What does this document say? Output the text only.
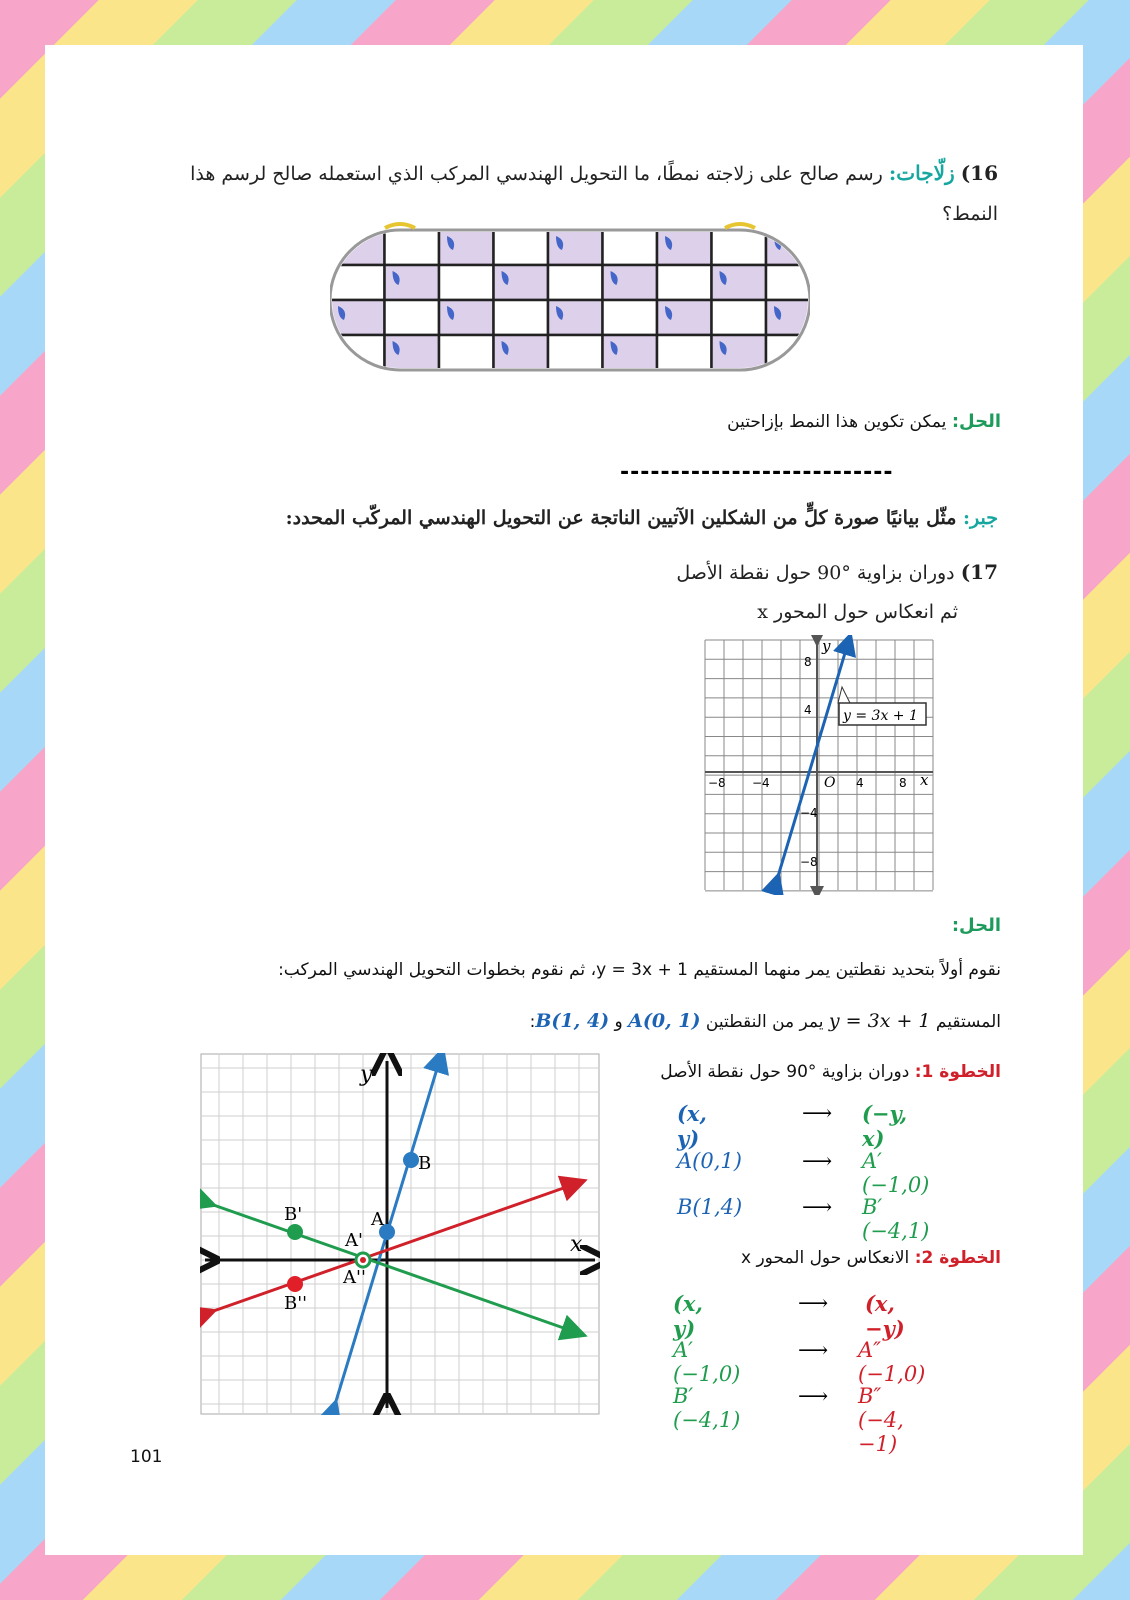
16) زلّاجات: رسم صالح على زلاجته نمطًا، ما التحويل الهندسي المركب الذي استعمله صالح لرسم هذا النمط؟
الحل: يمكن تكوين هذا النمط بإزاحتين
---------------------------
جبر: مثّل بيانيًا صورة كلٍّ من الشكلين الآتيين الناتجة عن التحويل الهندسي المركّب المحدد:
17) دوران بزاوية °90 حول نقطة الأصل
ثم انعكاس حول المحور x
y
x
O
−8 −4	4	8
8
4
−4
−8
y = 3x + 1
الحل:
نقوم أولاً بتحديد نقطتين يمر منهما المستقيم y = 3x + 1، ثم نقوم بخطوات التحويل الهندسي المركب:
المستقيم y = 3x + 1 يمر من النقطتين A(0, 1) و B(1, 4):
y
x
B
A
B'
A'
A''
B''
الخطوة 1: دوران بزاوية °90 حول نقطة الأصل
(x, y)
⟶ (−y, x)
A(0,1)	⟶ A′(−1,0)
B(1,4)	⟶ B′(−4,1)
الخطوة 2: الانعكاس حول المحور x
(x, y)
⟶ (x, −y)
A′(−1,0)
⟶ A″(−1,0)
B′ (−4,1)
⟶ B″(−4, −1)
101
